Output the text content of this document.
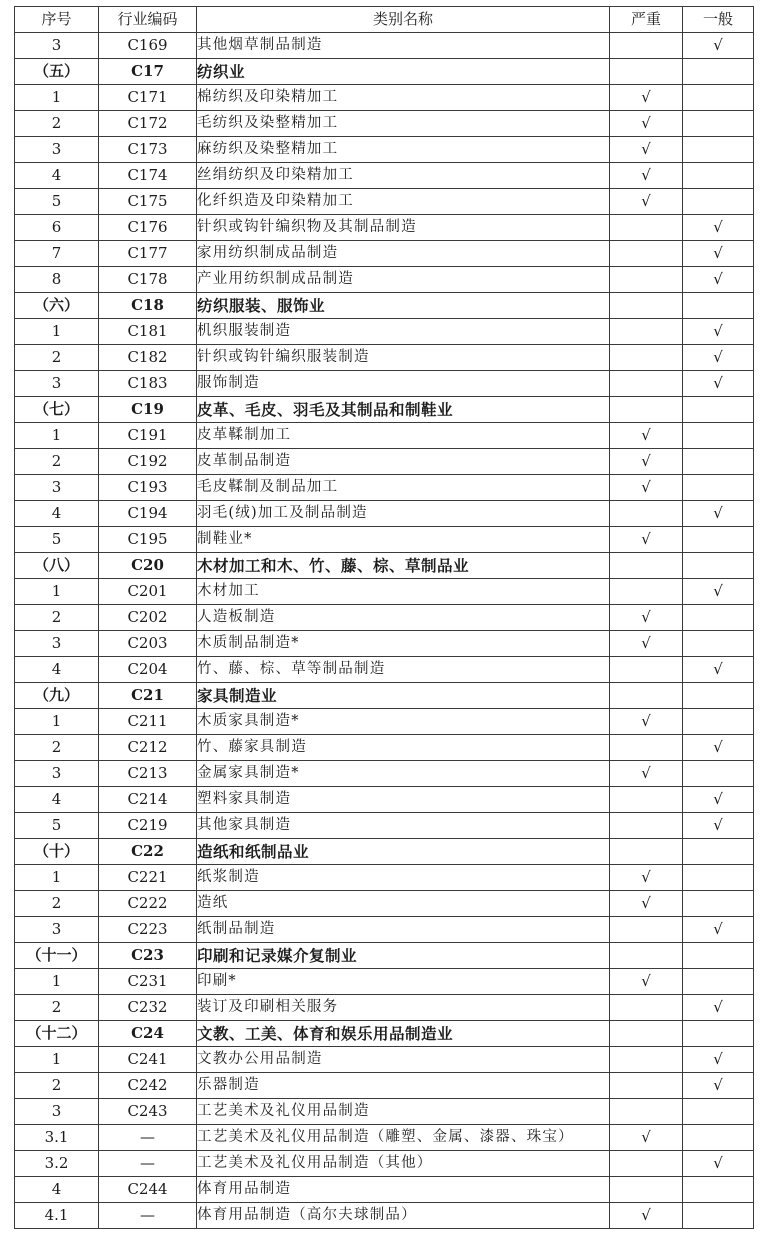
序号	行业编码	类别名称	严重	一般
3	C169	其他烟草制品制造		√
（五）	C17	纺织业		
1	C171	棉纺织及印染精加工	√	
2	C172	毛纺织及染整精加工	√	
3	C173	麻纺织及染整精加工	√	
4	C174	丝绢纺织及印染精加工	√	
5	C175	化纤织造及印染精加工	√	
6	C176	针织或钩针编织物及其制品制造		√
7	C177	家用纺织制成品制造		√
8	C178	产业用纺织制成品制造		√
（六）	C18	纺织服装、服饰业		
1	C181	机织服装制造		√
2	C182	针织或钩针编织服装制造		√
3	C183	服饰制造		√
（七）	C19	皮革、毛皮、羽毛及其制品和制鞋业		
1	C191	皮革鞣制加工	√	
2	C192	皮革制品制造	√	
3	C193	毛皮鞣制及制品加工	√	
4	C194	羽毛(绒)加工及制品制造		√
5	C195	制鞋业*	√	
（八）	C20	木材加工和木、竹、藤、棕、草制品业		
1	C201	木材加工		√
2	C202	人造板制造	√	
3	C203	木质制品制造*	√	
4	C204	竹、藤、棕、草等制品制造		√
（九）	C21	家具制造业		
1	C211	木质家具制造*	√	
2	C212	竹、藤家具制造		√
3	C213	金属家具制造*	√	
4	C214	塑料家具制造		√
5	C219	其他家具制造		√
（十）	C22	造纸和纸制品业		
1	C221	纸浆制造	√	
2	C222	造纸	√	
3	C223	纸制品制造		√
（十一）	C23	印刷和记录媒介复制业		
1	C231	印刷*	√	
2	C232	装订及印刷相关服务		√
（十二）	C24	文教、工美、体育和娱乐用品制造业		
1	C241	文教办公用品制造		√
2	C242	乐器制造		√
3	C243	工艺美术及礼仪用品制造		
3.1	—	工艺美术及礼仪用品制造（雕塑、金属、漆器、珠宝）	√	
3.2	—	工艺美术及礼仪用品制造（其他）		√
4	C244	体育用品制造		
4.1	—	体育用品制造（高尔夫球制品）	√	
